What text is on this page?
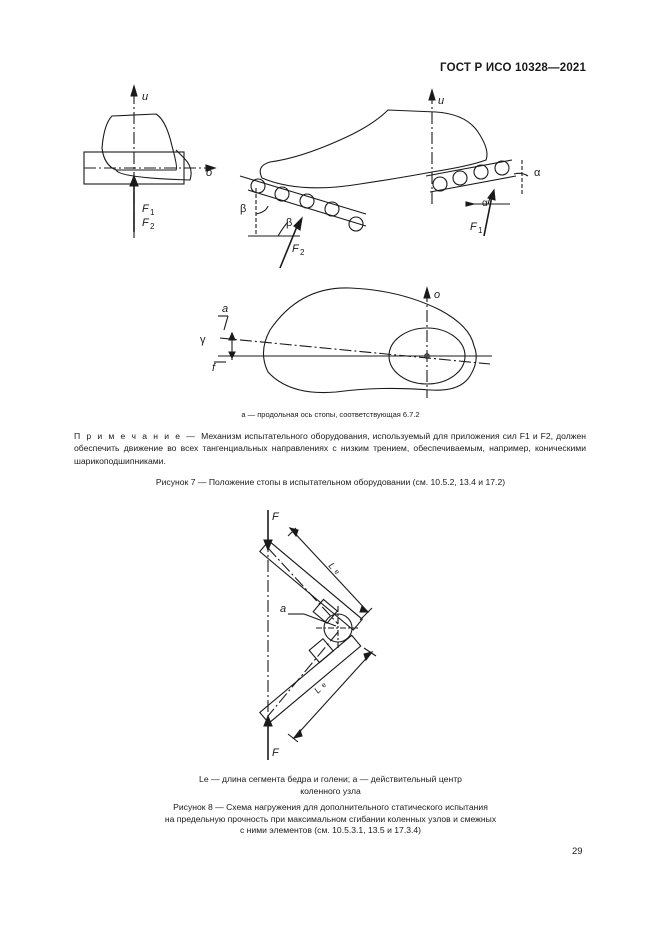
ГОСТ Р ИСО 10328—2021
u
o
F 1
F 2
u
α
α
F 1
β
β
F 2
o
a
γ
f
a — продольная ось стопы, соответствующая 6.7.2
П р и м е ч а н и е — Механизм испытательного оборудования, используемый для приложения сил F1 и F2, должен обеспечить движение во всех тангенциальных направлениях с низким трением, обеспечиваемым, например, коническими шарикоподшипниками.
Рисунок 7 — Положение стопы в испытательном оборудовании (см. 10.5.2, 13.4 и 17.2)
F
F
a
L
e
L
e
Le — длина сегмента бедра и голени; a — действительный центр
коленного узла
Рисунок 8 — Схема нагружения для дополнительного статического испытания
на предельную прочность при максимальном сгибании коленных узлов и смежных
с ними элементов (см. 10.5.3.1, 13.5 и 17.3.4)
29
